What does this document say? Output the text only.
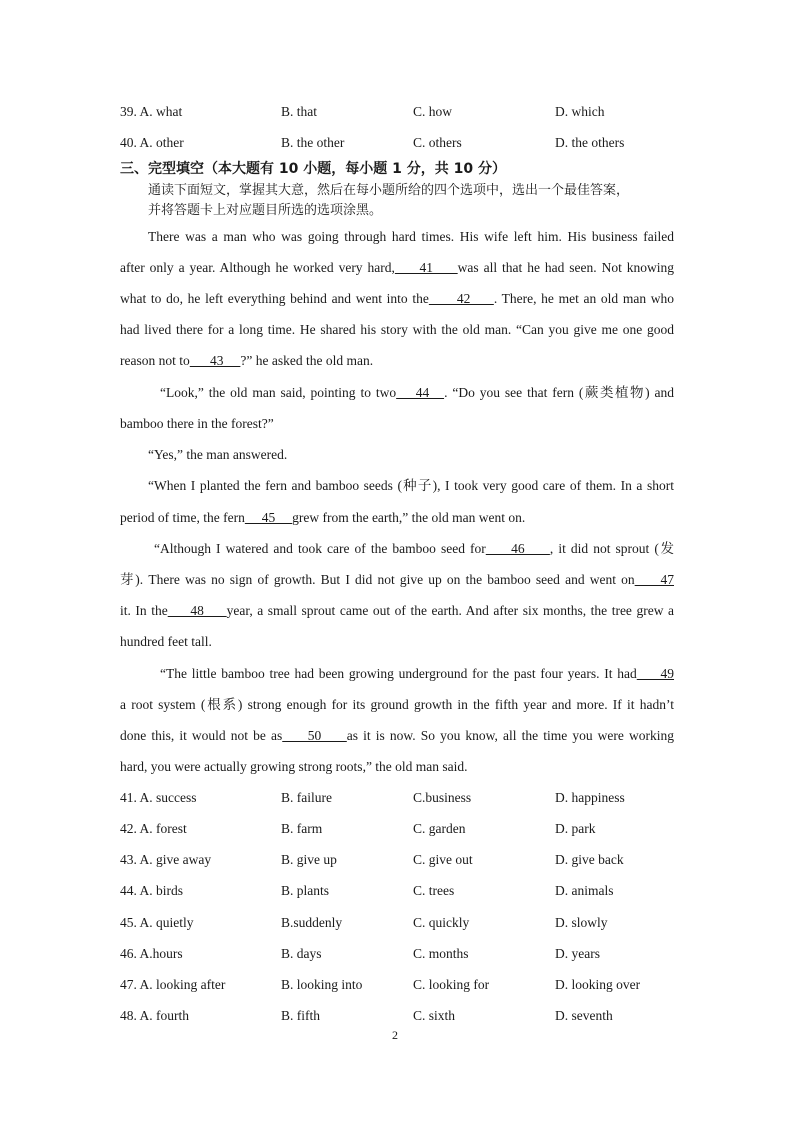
39. A. what	B. that	C. how	D. which
40. A. other	B. the other	C. others	D. the others
三、完型填空（本大题有 10 小题，每小题 1 分，共 10 分）
通读下面短文，掌握其大意，然后在每小题所给的四个选项中，选出一个最佳答案，
并将答题卡上对应题目所选的选项涂黑。
There was a man who was going through hard times. His wife left him. His business failed
after only a year. Although he worked very hard,     41     was all that he had seen. Not knowing
what to do, he left everything behind and went into the      42     . There, he met an old man who
had lived there for a long time. He shared his story with the old man. “Can you give me one good
reason not to      43     ?” he asked the old man.
“Look,” the old man said, pointing to two    44   . “Do you see that fern (蕨类植物) and
bamboo there in the forest?”
“Yes,” the man answered.
“When I planted the fern and bamboo seeds (种子), I took very good care of them. In a short
period of time, the fern     45     grew from the earth,” the old man went on.
“Although I watered and took care of the bamboo seed for     46     , it did not sprout (发
芽). There was no sign of growth. But I did not give up on the bamboo seed and went on     47
it. In the     48     year, a small sprout came out of the earth. And after six months, the tree grew a
hundred feet tall.
“The little bamboo tree had been growing underground for the past four years. It had     49
a root system (根系) strong enough for its ground growth in the fifth year and more. If it hadn’t
done this, it would not be as     50     as it is now. So you know, all the time you were working
hard, you were actually growing strong roots,” the old man said.
41. A. success	B. failure	C.business	D. happiness
42. A. forest	B. farm	C. garden	D. park
43. A. give away	B. give up	C. give out	D. give back
44. A. birds	B. plants	C. trees	D. animals
45. A. quietly	B.suddenly	C. quickly	D. slowly
46. A.hours	B. days	C. months	D. years
47. A. looking after	B. looking into	C. looking for	D. looking over
48. A. fourth	B. fifth	C. sixth	D. seventh
2
